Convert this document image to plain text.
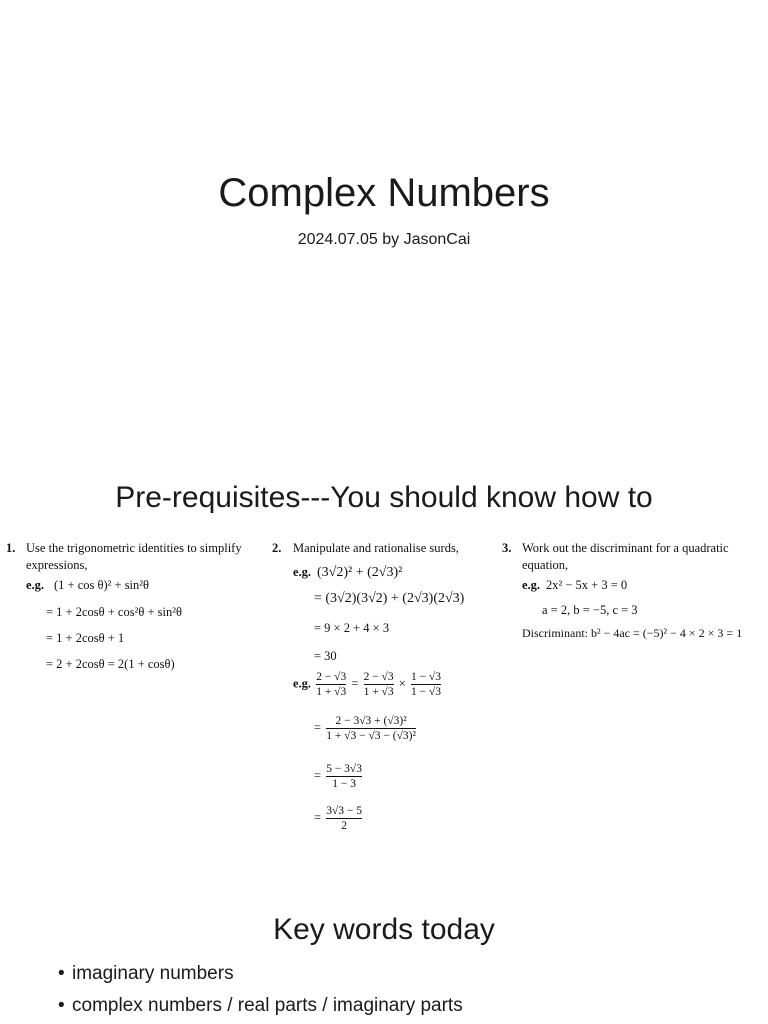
Complex Numbers
2024.07.05 by JasonCai
Pre-requisites---You should know how to
1. Use the trigonometric identities to simplify
expressions,
e.g. (1 + cos θ)² + sin²θ
= 1 + 2cosθ + cos²θ + sin²θ
= 1 + 2cosθ + 1
= 2 + 2cosθ = 2(1 + cosθ)
2. Manipulate and rationalise surds,
e.g. (3√2)² + (2√3)²
= (3√2)(3√2) + (2√3)(2√3)
= 9 × 2 + 4 × 3
= 30
e.g. $\frac{2 - √3}{1 + √3} = \frac{2 - √3}{1 + √3} \times \frac{1 - √3}{1 - √3}$
= $\frac{\text{2 − 3√3 + (√3)²}}{\text{1 + √3 − √3 − (√3)²}}$
= $\frac{5 - 3√3}{1 - 3}$
= $\frac{3√3 - 5}{2}$
3. Work out the discriminant for a quadratic
equation,
e.g. 2x² − 5x + 3 = 0
a = 2, b = −5, c = 3
Discriminant: b² − 4ac = (−5)² − 4 × 2 × 3 = 1
Key words today
• imaginary numbers
• complex numbers / real parts / imaginary parts
